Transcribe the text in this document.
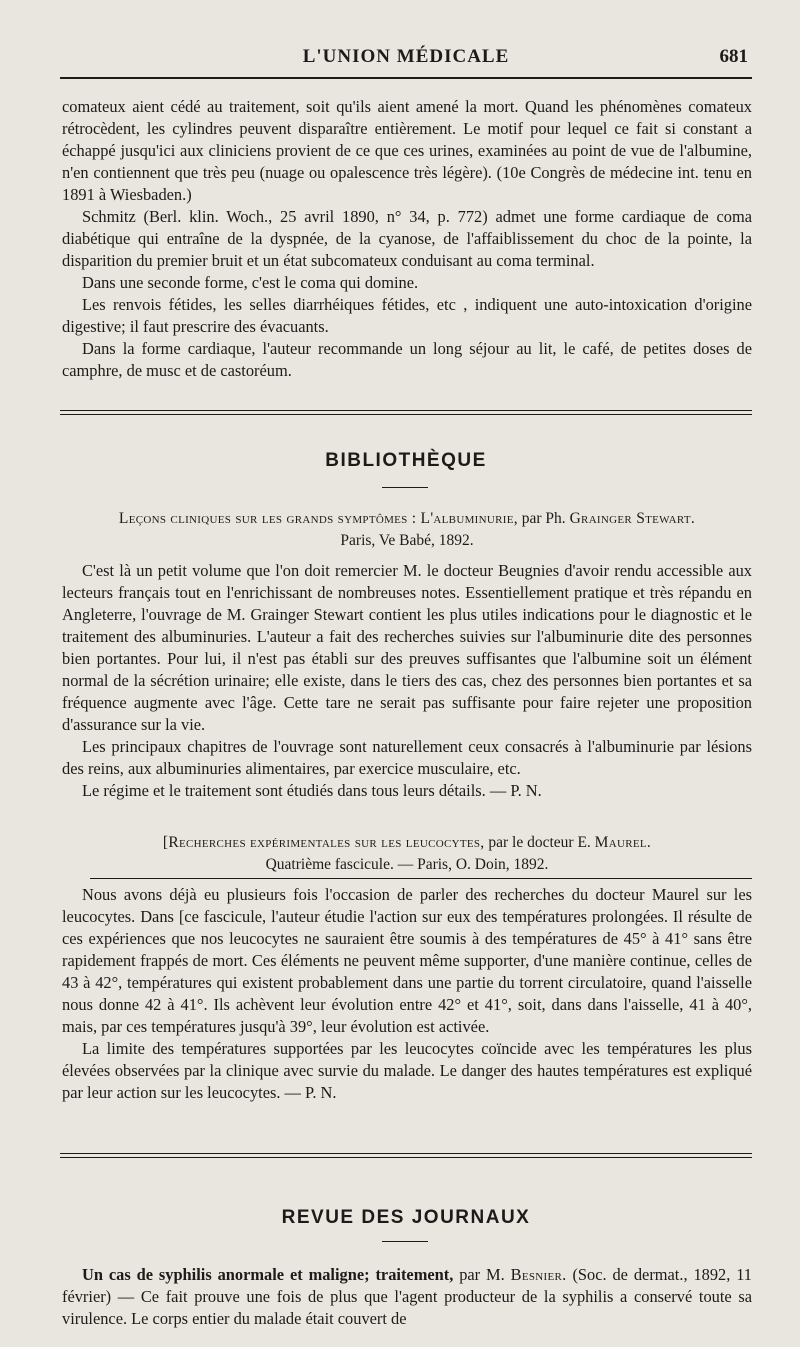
L'UNION MÉDICALE	681

comateux aient cédé au traitement, soit qu'ils aient amené la mort. Quand les phénomènes comateux rétrocèdent, les cylindres peuvent disparaître entièrement. Le motif pour lequel ce fait si constant a échappé jusqu'ici aux cliniciens provient de ce que ces urines, examinées au point de vue de l'albumine, n'en contiennent que très peu (nuage ou opalescence très légère). (10e Congrès de médecine int. tenu en 1891 à Wiesbaden.)

Schmitz (Berl. klin. Woch., 25 avril 1890, n° 34, p. 772) admet une forme cardiaque de coma diabétique qui entraîne de la dyspnée, de la cyanose, de l'affaiblissement du choc de la pointe, la disparition du premier bruit et un état subcomateux conduisant au coma terminal.

Dans une seconde forme, c'est le coma qui domine.

Les renvois fétides, les selles diarrhéiques fétides, etc , indiquent une auto-intoxication d'origine digestive; il faut prescrire des évacuants.

Dans la forme cardiaque, l'auteur recommande un long séjour au lit, le café, de petites doses de camphre, de musc et de castoréum.

BIBLIOTHÈQUE
Leçons cliniques sur les grands symptômes : L'albuminurie, par Ph. Grainger Stewart.
Paris, Ve Babé, 1892.

C'est là un petit volume que l'on doit remercier M. le docteur Beugnies d'avoir rendu accessible aux lecteurs français tout en l'enrichissant de nombreuses notes. Essentiellement pratique et très répandu en Angleterre, l'ouvrage de M. Grainger Stewart contient les plus utiles indications pour le diagnostic et le traitement des albuminuries. L'auteur a fait des recherches suivies sur l'albuminurie dite des personnes bien portantes. Pour lui, il n'est pas établi sur des preuves suffisantes que l'albumine soit un élément normal de la sécrétion urinaire; elle existe, dans le tiers des cas, chez des personnes bien portantes et sa fréquence augmente avec l'âge. Cette tare ne serait pas suffisante pour faire rejeter une proposition d'assurance sur la vie.

Les principaux chapitres de l'ouvrage sont naturellement ceux consacrés à l'albuminurie par lésions des reins, aux albuminuries alimentaires, par exercice musculaire, etc.

Le régime et le traitement sont étudiés dans tous leurs détails. — P. N.

[Recherches expérimentales sur les leucocytes, par le docteur E. Maurel.
Quatrième fascicule. — Paris, O. Doin, 1892.

Nous avons déjà eu plusieurs fois l'occasion de parler des recherches du docteur Maurel sur les leucocytes. Dans [ce fascicule, l'auteur étudie l'action sur eux des températures prolongées. Il résulte de ces expériences que nos leucocytes ne sauraient être soumis à des températures de 45° à 41° sans être rapidement frappés de mort. Ces éléments ne peuvent même supporter, d'une manière continue, celles de 43 à 42°, températures qui existent probablement dans une partie du torrent circulatoire, quand l'aisselle nous donne 42 à 41°. Ils achèvent leur évolution entre 42° et 41°, soit, dans dans l'aisselle, 41 à 40°, mais, par ces températures jusqu'à 39°, leur évolution est activée.

La limite des températures supportées par les leucocytes coïncide avec les températures les plus élevées observées par la clinique avec survie du malade. Le danger des hautes températures est expliqué par leur action sur les leucocytes. — P. N.

REVUE DES JOURNAUX

Un cas de syphilis anormale et maligne; traitement, par M. Besnier. (Soc. de dermat., 1892, 11 février) — Ce fait prouve une fois de plus que l'agent producteur de la syphilis a conservé toute sa virulence. Le corps entier du malade était couvert de
